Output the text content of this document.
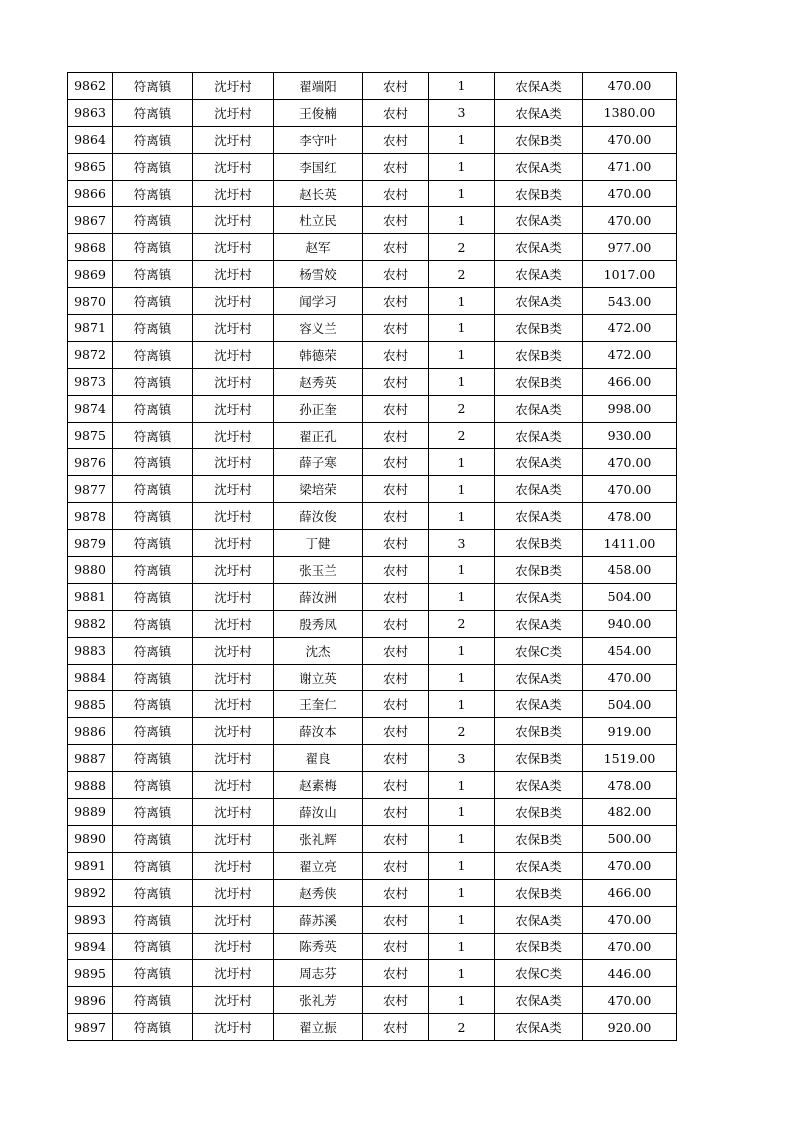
9862	符离镇	沈圩村	翟端阳	农村	1	农保A类	470.00
9863	符离镇	沈圩村	王俊楠	农村	3	农保A类	1380.00
9864	符离镇	沈圩村	李守叶	农村	1	农保B类	470.00
9865	符离镇	沈圩村	李国红	农村	1	农保A类	471.00
9866	符离镇	沈圩村	赵长英	农村	1	农保B类	470.00
9867	符离镇	沈圩村	杜立民	农村	1	农保A类	470.00
9868	符离镇	沈圩村	赵军	农村	2	农保A类	977.00
9869	符离镇	沈圩村	杨雪姣	农村	2	农保A类	1017.00
9870	符离镇	沈圩村	闻学习	农村	1	农保A类	543.00
9871	符离镇	沈圩村	容义兰	农村	1	农保B类	472.00
9872	符离镇	沈圩村	韩德荣	农村	1	农保B类	472.00
9873	符离镇	沈圩村	赵秀英	农村	1	农保B类	466.00
9874	符离镇	沈圩村	孙正奎	农村	2	农保A类	998.00
9875	符离镇	沈圩村	翟正孔	农村	2	农保A类	930.00
9876	符离镇	沈圩村	薛子寒	农村	1	农保A类	470.00
9877	符离镇	沈圩村	梁培荣	农村	1	农保A类	470.00
9878	符离镇	沈圩村	薛汝俊	农村	1	农保A类	478.00
9879	符离镇	沈圩村	丁健	农村	3	农保B类	1411.00
9880	符离镇	沈圩村	张玉兰	农村	1	农保B类	458.00
9881	符离镇	沈圩村	薛汝洲	农村	1	农保A类	504.00
9882	符离镇	沈圩村	殷秀凤	农村	2	农保A类	940.00
9883	符离镇	沈圩村	沈杰	农村	1	农保C类	454.00
9884	符离镇	沈圩村	谢立英	农村	1	农保A类	470.00
9885	符离镇	沈圩村	王奎仁	农村	1	农保A类	504.00
9886	符离镇	沈圩村	薛汝本	农村	2	农保B类	919.00
9887	符离镇	沈圩村	翟良	农村	3	农保B类	1519.00
9888	符离镇	沈圩村	赵素梅	农村	1	农保A类	478.00
9889	符离镇	沈圩村	薛汝山	农村	1	农保B类	482.00
9890	符离镇	沈圩村	张礼辉	农村	1	农保B类	500.00
9891	符离镇	沈圩村	翟立亮	农村	1	农保A类	470.00
9892	符离镇	沈圩村	赵秀侠	农村	1	农保B类	466.00
9893	符离镇	沈圩村	薛苏溪	农村	1	农保A类	470.00
9894	符离镇	沈圩村	陈秀英	农村	1	农保B类	470.00
9895	符离镇	沈圩村	周志芬	农村	1	农保C类	446.00
9896	符离镇	沈圩村	张礼芳	农村	1	农保A类	470.00
9897	符离镇	沈圩村	翟立振	农村	2	农保A类	920.00
